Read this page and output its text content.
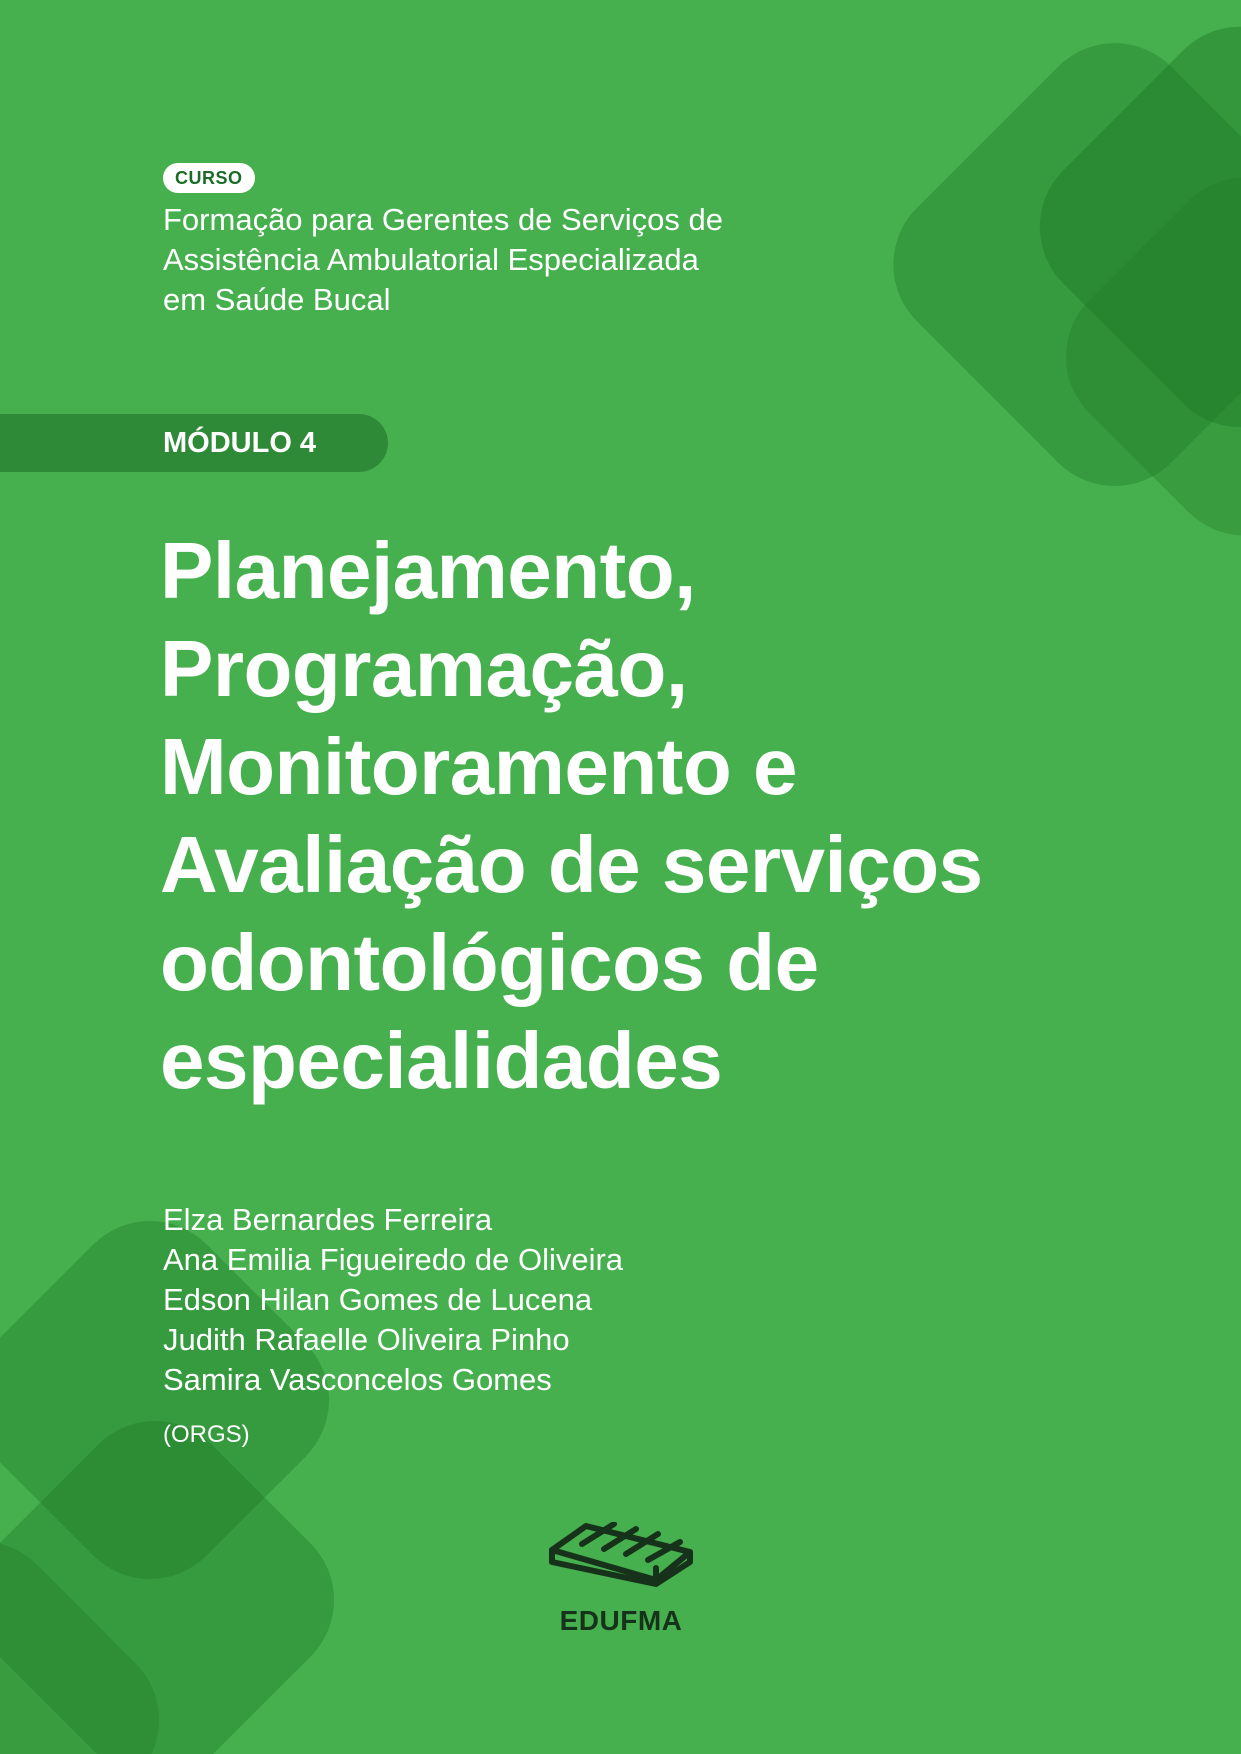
CURSO
Formação para Gerentes de Serviços de
Assistência Ambulatorial Especializada
em Saúde Bucal
MÓDULO 4
Planejamento,
Programação,
Monitoramento e
Avaliação de serviços
odontológicos de
especialidades
Elza Bernardes Ferreira
Ana Emilia Figueiredo de Oliveira
Edson Hilan Gomes de Lucena
Judith Rafaelle Oliveira Pinho
Samira Vasconcelos Gomes
(ORGS)
EDUFMA
